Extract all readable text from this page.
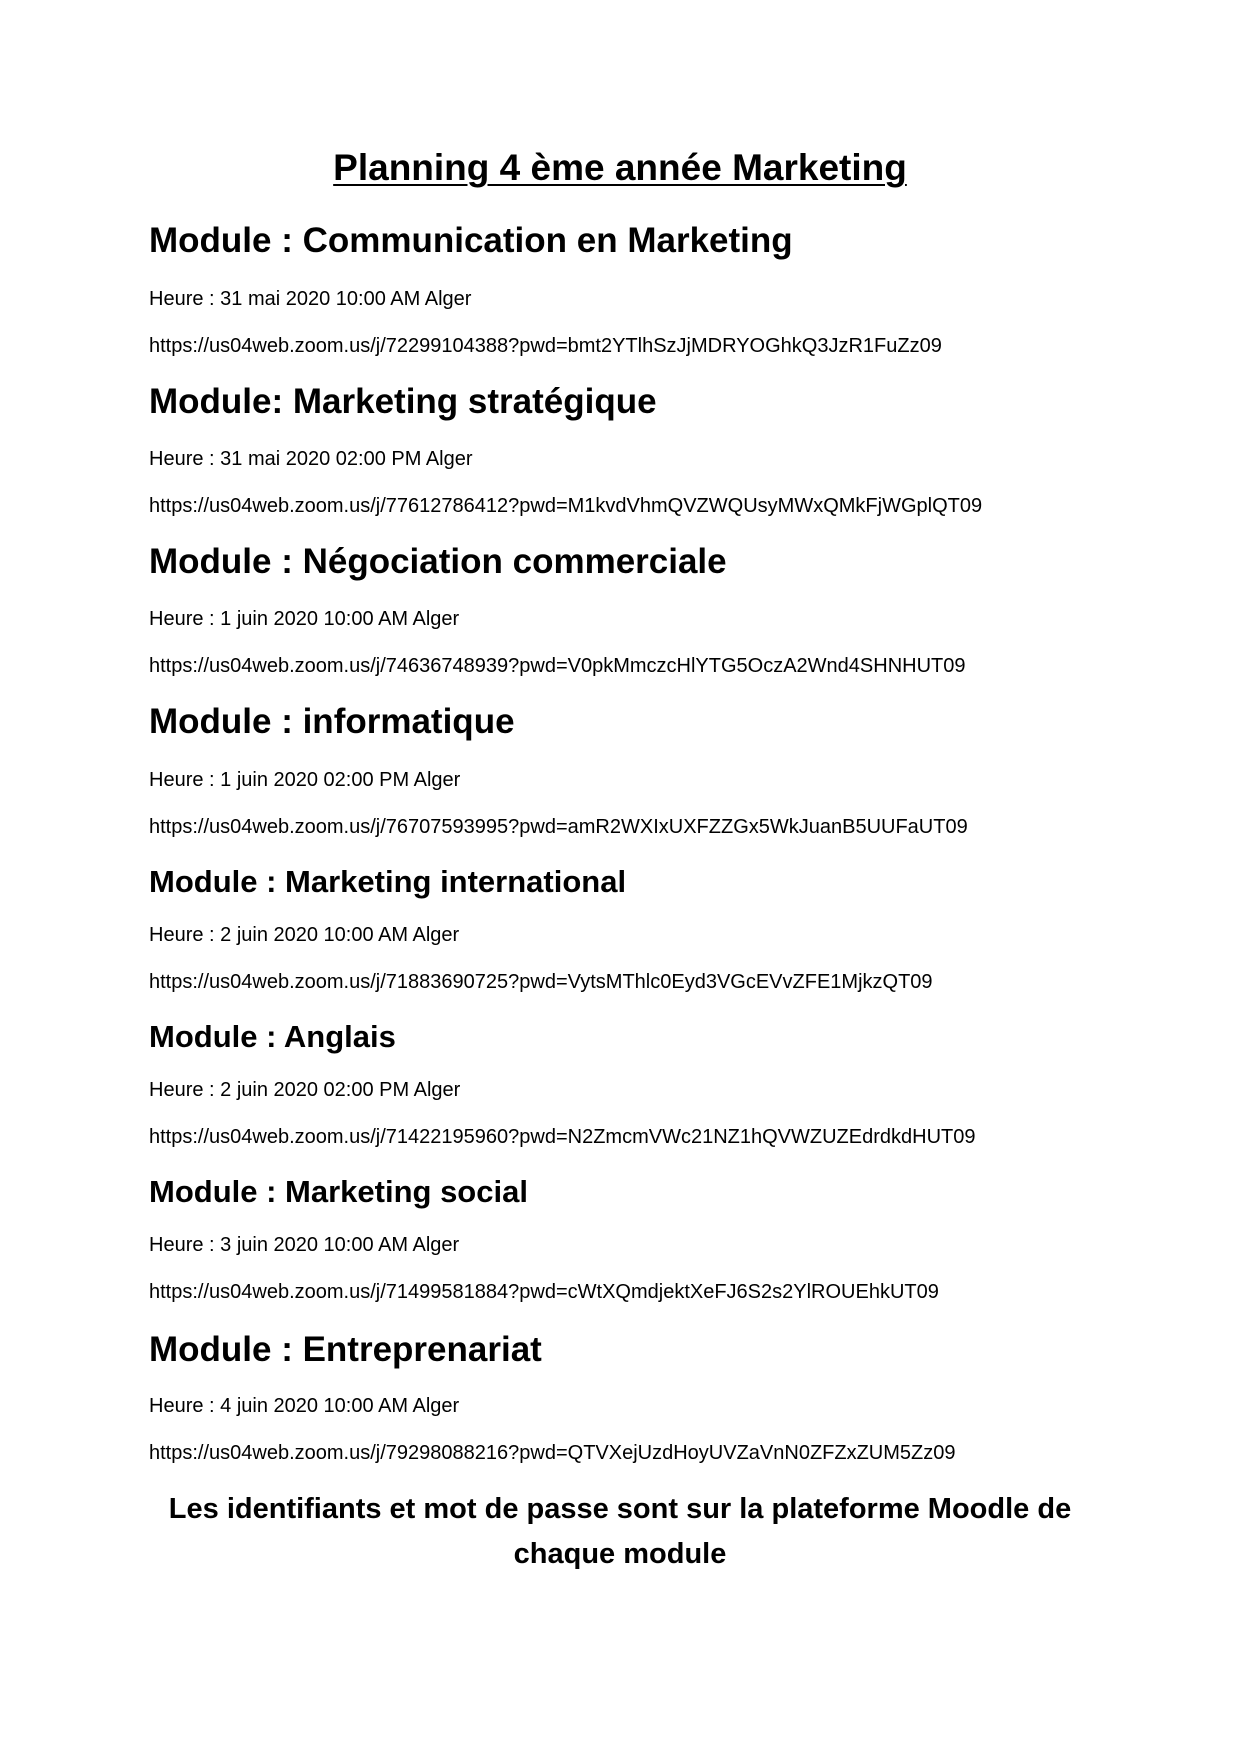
Planning 4 ème année Marketing
Module : Communication en Marketing

Heure : 31 mai 2020 10:00 AM Alger

https://us04web.zoom.us/j/72299104388?pwd=bmt2YTlhSzJjMDRYOGhkQ3JzR1FuZz09

Module: Marketing stratégique

Heure : 31 mai 2020 02:00 PM Alger

https://us04web.zoom.us/j/77612786412?pwd=M1kvdVhmQVZWQUsyMWxQMkFjWGplQT09

Module : Négociation commerciale

Heure : 1 juin 2020 10:00 AM Alger

https://us04web.zoom.us/j/74636748939?pwd=V0pkMmczcHlYTG5OczA2Wnd4SHNHUT09

Module : informatique

Heure : 1 juin 2020 02:00 PM Alger

https://us04web.zoom.us/j/76707593995?pwd=amR2WXIxUXFZZGx5WkJuanB5UUFaUT09

Module : Marketing international

Heure : 2 juin 2020 10:00 AM Alger

https://us04web.zoom.us/j/71883690725?pwd=VytsMThlc0Eyd3VGcEVvZFE1MjkzQT09

Module : Anglais

Heure : 2 juin 2020 02:00 PM Alger

https://us04web.zoom.us/j/71422195960?pwd=N2ZmcmVWc21NZ1hQVWZUZEdrdkdHUT09

Module : Marketing social

Heure : 3 juin 2020 10:00 AM Alger

https://us04web.zoom.us/j/71499581884?pwd=cWtXQmdjektXeFJ6S2s2YlROUEhkUT09

Module : Entreprenariat

Heure : 4 juin 2020 10:00 AM Alger

https://us04web.zoom.us/j/79298088216?pwd=QTVXejUzdHoyUVZaVnN0ZFZxZUM5Zz09

Les identifiants et mot de passe sont sur la plateforme Moodle de chaque module
